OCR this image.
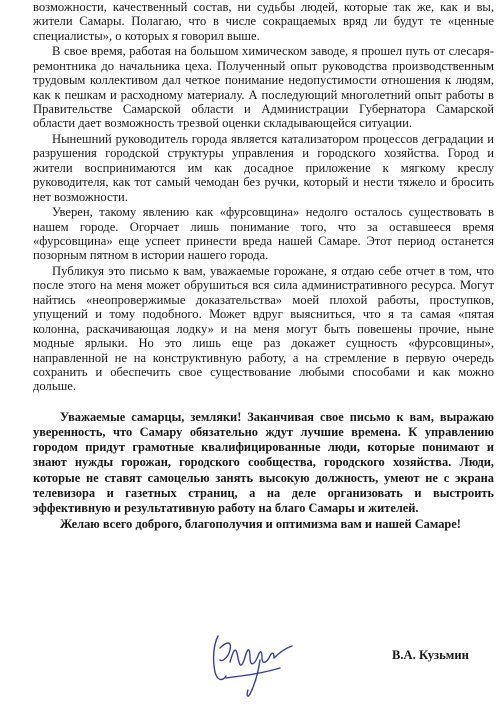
возможности, качественный состав, ни судьбы людей, которые так же, как и вы, жители Самары. Полагаю, что в числе сокращаемых вряд ли будут те «ценные специалисты», о которых я говорил выше.

В свое время, работая на большом химическом заводе, я прошел путь от слесаря-ремонтника до начальника цеха. Полученный опыт руководства производственным трудовым коллективом дал четкое понимание недопустимости отношения к людям, как к пешкам и расходному материалу. А последующий многолетний опыт работы в Правительстве Самарской области и Администрации Губернатора Самарской области дает возможность трезвой оценки складывающейся ситуации.

Нынешний руководитель города является катализатором процессов деградации и разрушения городской структуры управления и городского хозяйства. Город и жители воспринимаются им как досадное приложение к мягкому креслу руководителя, как тот самый чемодан без ручки, который и нести тяжело и бросить нет возможности.

Уверен, такому явлению как «фурсовщина» недолго осталось существовать в нашем городе. Огорчает лишь понимание того, что за оставшееся время «фурсовщина» еще успеет принести вреда нашей Самаре. Этот период останется позорным пятном в истории нашего города.

Публикуя это письмо к вам, уважаемые горожане, я отдаю себе отчет в том, что после этого на меня может обрушиться вся сила административного ресурса. Могут найтись «неопровержимые доказательства» моей плохой работы, проступков, упущений и тому подобного. Может вдруг выясниться, что я та самая «пятая колонна, раскачивающая лодку» и на меня могут быть повешены прочие, ныне модные ярлыки. Но это лишь еще раз докажет сущность «фурсовщины», направленной не на конструктивную работу, а на стремление в первую очередь сохранить и обеспечить свое существование любыми способами и как можно дольше.

Уважаемые самарцы, земляки! Заканчивая свое письмо к вам, выражаю уверенность, что Самару обязательно ждут лучшие времена. К управлению городом придут грамотные квалифицированные люди, которые понимают и знают нужды горожан, городского сообщества, городского хозяйства. Люди, которые не ставят самоцелью занять высокую должность, умеют не с экрана телевизора и газетных страниц, а на деле организовать и выстроить эффективную и результативную работу на благо Самары и жителей.

Желаю всего доброго, благополучия и оптимизма вам и нашей Самаре!

В.А. Кузьмин
